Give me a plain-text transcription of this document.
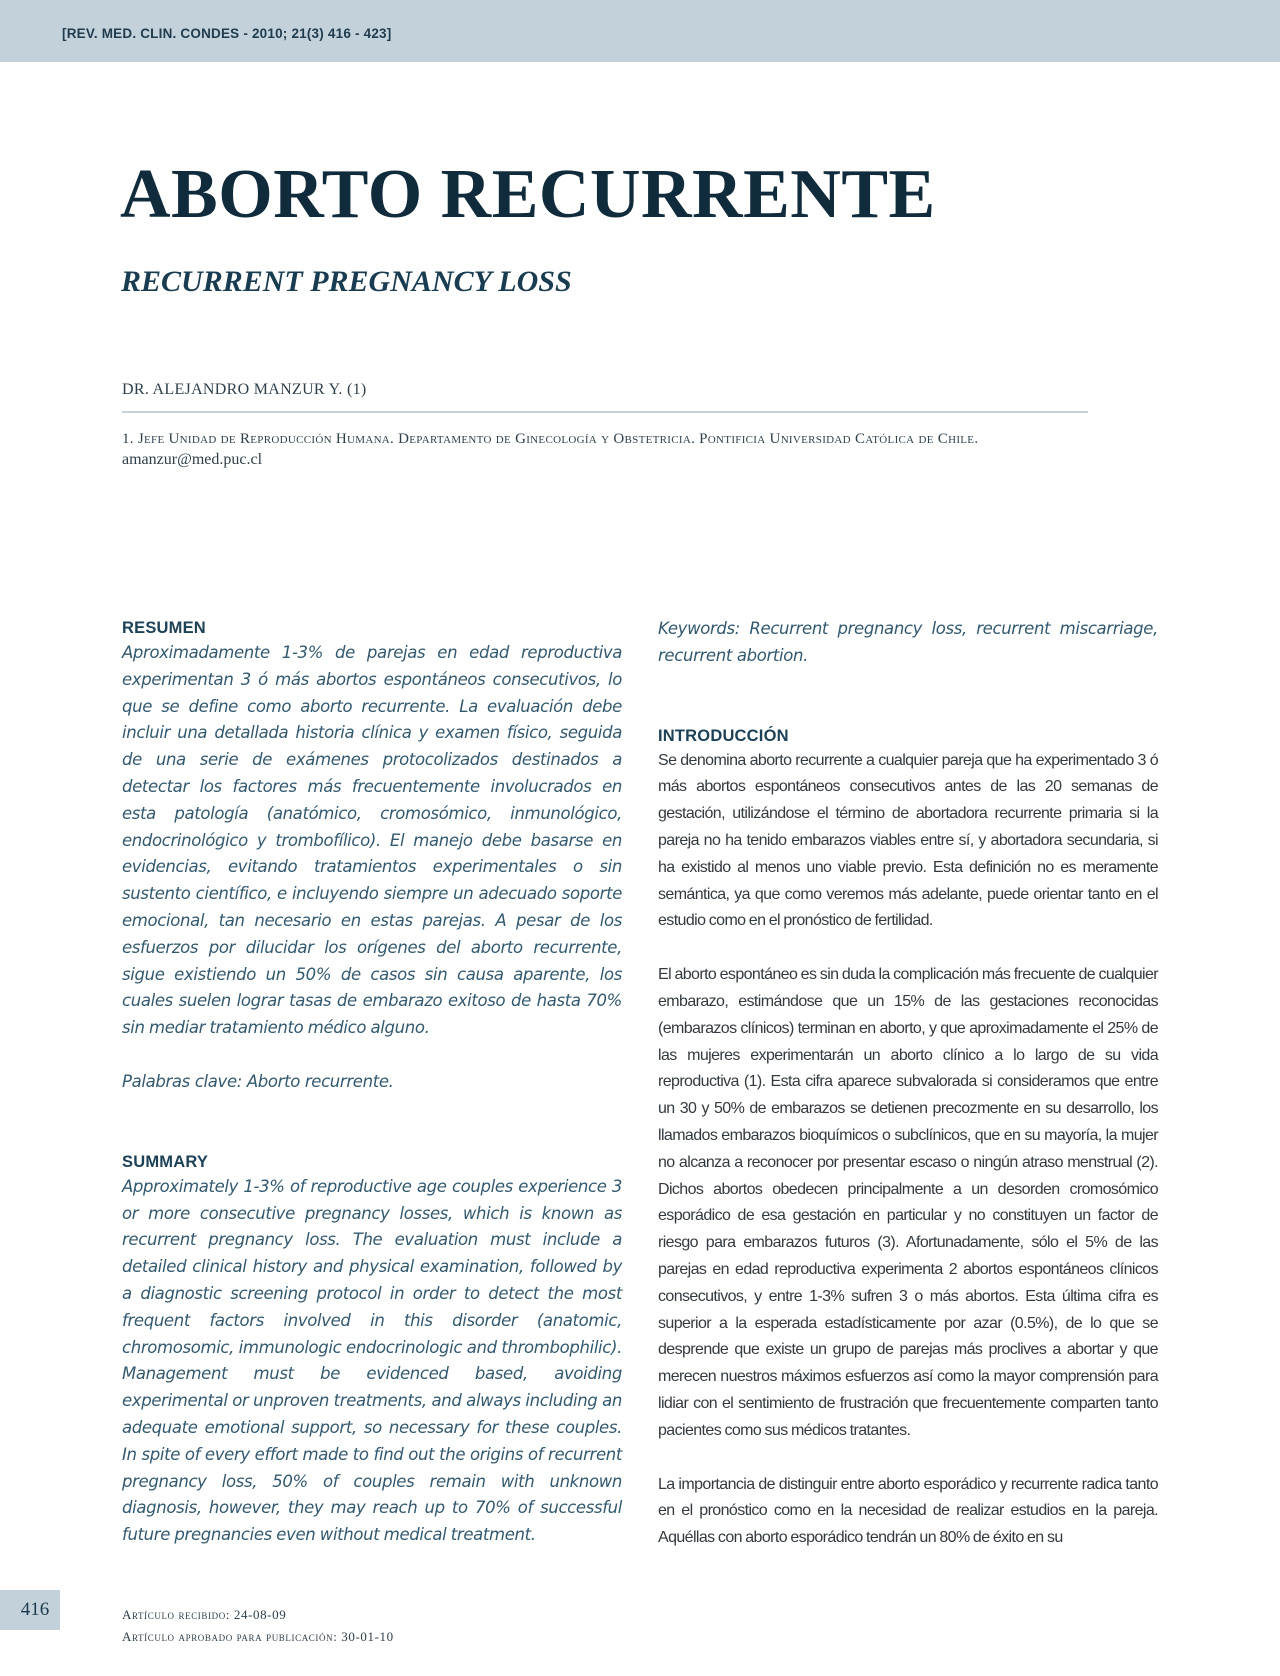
[REV. MED. CLIN. CONDES - 2010; 21(3) 416 - 423]
ABORTO RECURRENTE
RECURRENT PREGNANCY LOSS
DR. ALEJANDRO MANZUR Y. (1)
1. Jefe Unidad de Reproducción Humana. Departamento de Ginecología y Obstetricia. Pontificia Universidad Católica de Chile.
amanzur@med.puc.cl
RESUMEN

Aproximadamente 1-3% de parejas en edad reproductiva experimentan 3 ó más abortos espontáneos consecutivos, lo que se define como aborto recurrente. La evaluación debe incluir una detallada historia clínica y examen físico, seguida de una serie de exámenes protocolizados destinados a detectar los factores más frecuentemente involucrados en esta patología (anatómico, cromosómico, inmunológico, endocrinológico y trombofílico). El manejo debe basarse en evidencias, evitando tratamientos experimentales o sin sustento científico, e incluyendo siempre un adecuado soporte emocional, tan necesario en estas parejas. A pesar de los esfuerzos por dilucidar los orígenes del aborto recurrente, sigue existiendo un 50% de casos sin causa aparente, los cuales suelen lograr tasas de embarazo exitoso de hasta 70% sin mediar tratamiento médico alguno.

Palabras clave: Aborto recurrente.

SUMMARY

Approximately 1-3% of reproductive age couples experience 3 or more consecutive pregnancy losses, which is known as recurrent pregnancy loss. The evaluation must include a detailed clinical history and physical examination, followed by a diagnostic screening protocol in order to detect the most frequent factors involved in this disorder (anatomic, chromosomic, immunologic endocrinologic and thrombophilic). Management must be evidenced based, avoiding experimental or unproven treatments, and always including an adequate emotional support, so necessary for these couples. In spite of every effort made to find out the origins of recurrent pregnancy loss, 50% of couples remain with unknown diagnosis, however, they may reach up to 70% of successful future pregnancies even without medical treatment.

Keywords: Recurrent pregnancy loss, recurrent miscarriage, recurrent abortion.

INTRODUCCIÓN

Se denomina aborto recurrente a cualquier pareja que ha experimentado 3 ó más abortos espontáneos consecutivos antes de las 20 semanas de gestación, utilizándose el término de abortadora recurrente primaria si la pareja no ha tenido embarazos viables entre sí, y abortadora secundaria, si ha existido al menos uno viable previo. Esta definición no es meramente semántica, ya que como veremos más adelante, puede orientar tanto en el estudio como en el pronóstico de fertilidad.

El aborto espontáneo es sin duda la complicación más frecuente de cualquier embarazo, estimándose que un 15% de las gestaciones reconocidas (embarazos clínicos) terminan en aborto, y que aproximadamente el 25% de las mujeres experimentarán un aborto clínico a lo largo de su vida reproductiva (1). Esta cifra aparece subvalorada si consideramos que entre un 30 y 50% de embarazos se detienen precozmente en su desarrollo, los llamados embarazos bioquímicos o subclínicos, que en su mayoría, la mujer no alcanza a reconocer por presentar escaso o ningún atraso menstrual (2). Dichos abortos obedecen principalmente a un desorden cromosómico esporádico de esa gestación en particular y no constituyen un factor de riesgo para embarazos futuros (3). Afortunadamente, sólo el 5% de las parejas en edad reproductiva experimenta 2 abortos espontáneos clínicos consecutivos, y entre 1-3% sufren 3 o más abortos. Esta última cifra es superior a la esperada estadísticamente por azar (0.5%), de lo que se desprende que existe un grupo de parejas más proclives a abortar y que merecen nuestros máximos esfuerzos así como la mayor comprensión para lidiar con el sentimiento de frustración que frecuentemente comparten tanto pacientes como sus médicos tratantes.

La importancia de distinguir entre aborto esporádico y recurrente radica tanto en el pronóstico como en la necesidad de realizar estudios en la pareja. Aquéllas con aborto esporádico tendrán un 80% de éxito en su

416	Artículo recibido: 24-08-09
Artículo aprobado para publicación: 30-01-10
